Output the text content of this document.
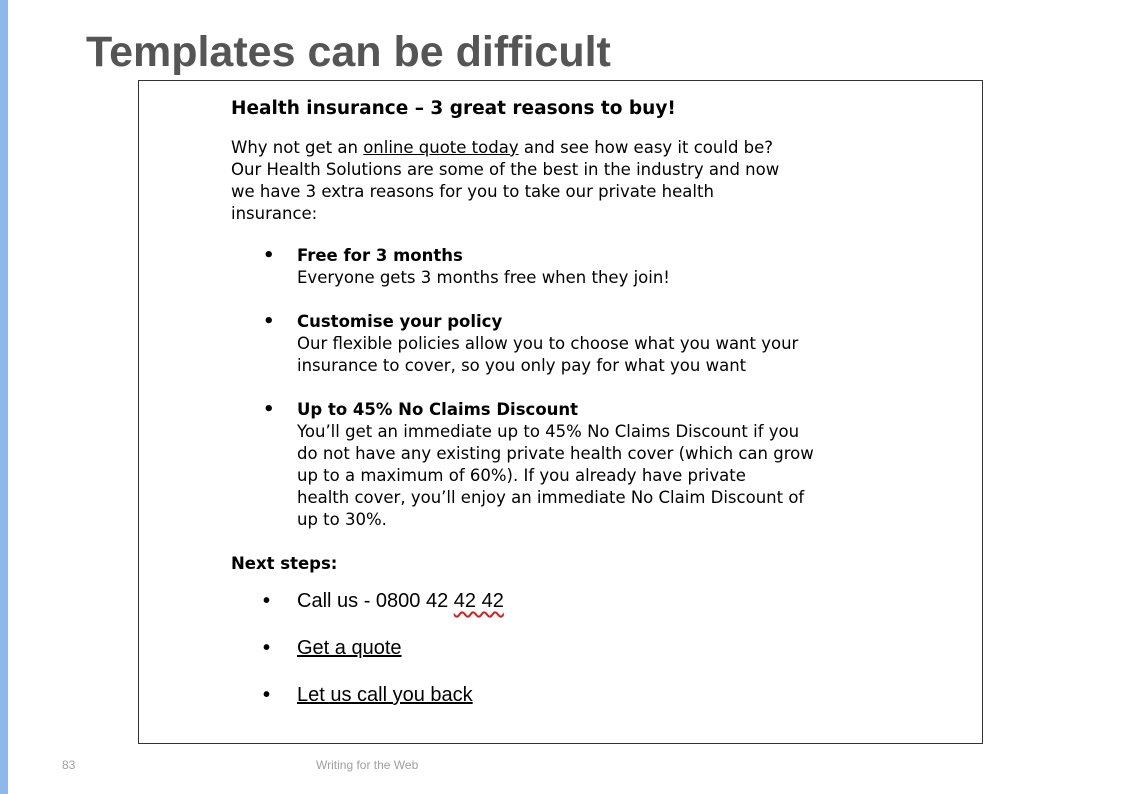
Templates can be difficult
Health insurance – 3 great reasons to buy!
Why not get an online quote today and see how easy it could be?
Our Health Solutions are some of the best in the industry and now
we have 3 extra reasons for you to take our private health
insurance:
• Free for 3 months
Everyone gets 3 months free when they join!
• Customise your policy
Our flexible policies allow you to choose what you want your
insurance to cover, so you only pay for what you want
• Up to 45% No Claims Discount
You’ll get an immediate up to 45% No Claims Discount if you
do not have any existing private health cover (which can grow
up to a maximum of 60%). If you already have private
health cover, you’ll enjoy an immediate No Claim Discount of
up to 30%.
Next steps:
• Call us - 0800 42 42 42
• Get a quote
• Let us call you back
83	Writing for the Web
